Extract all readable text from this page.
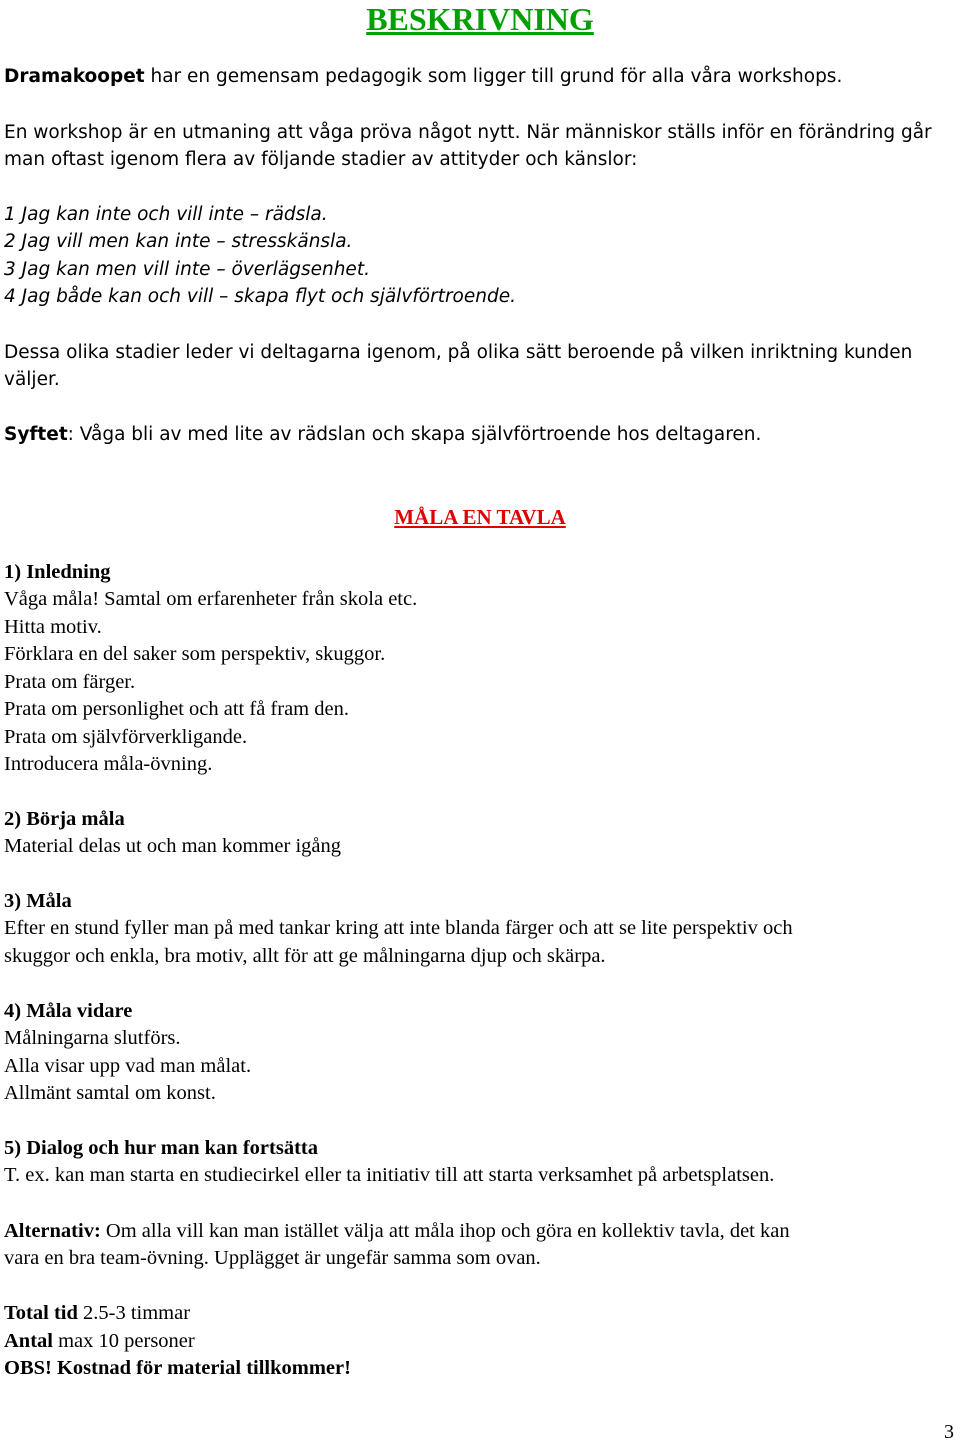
BESKRIVNING
Dramakoopet har en gemensam pedagogik som ligger till grund för alla våra workshops.
En workshop är en utmaning att våga pröva något nytt. När människor ställs inför en förändring går
man oftast igenom flera av följande stadier av attityder och känslor:
1 Jag kan inte och vill inte – rädsla.
2 Jag vill men kan inte – stresskänsla.
3 Jag kan men vill inte – överlägsenhet.
4 Jag både kan och vill – skapa flyt och självförtroende.
Dessa olika stadier leder vi deltagarna igenom, på olika sätt beroende på vilken inriktning kunden
väljer.
Syftet: Våga bli av med lite av rädslan och skapa självförtroende hos deltagaren.
MÅLA EN TAVLA
1) Inledning
Våga måla! Samtal om erfarenheter från skola etc.
Hitta motiv.
Förklara en del saker som perspektiv, skuggor.
Prata om färger.
Prata om personlighet och att få fram den.
Prata om självförverkligande.
Introducera måla-övning.
2) Börja måla
Material delas ut och man kommer igång
3) Måla
Efter en stund fyller man på med tankar kring att inte blanda färger och att se lite perspektiv och
skuggor och enkla, bra motiv, allt för att ge målningarna djup och skärpa.
4) Måla vidare
Målningarna slutförs.
Alla visar upp vad man målat.
Allmänt samtal om konst.
5) Dialog och hur man kan fortsätta
T. ex. kan man starta en studiecirkel eller ta initiativ till att starta verksamhet på arbetsplatsen.
Alternativ: Om alla vill kan man istället välja att måla ihop och göra en kollektiv tavla, det kan
vara en bra team-övning. Upplägget är ungefär samma som ovan.
Total tid 2.5-3 timmar
Antal max 10 personer
OBS! Kostnad för material tillkommer!
3
